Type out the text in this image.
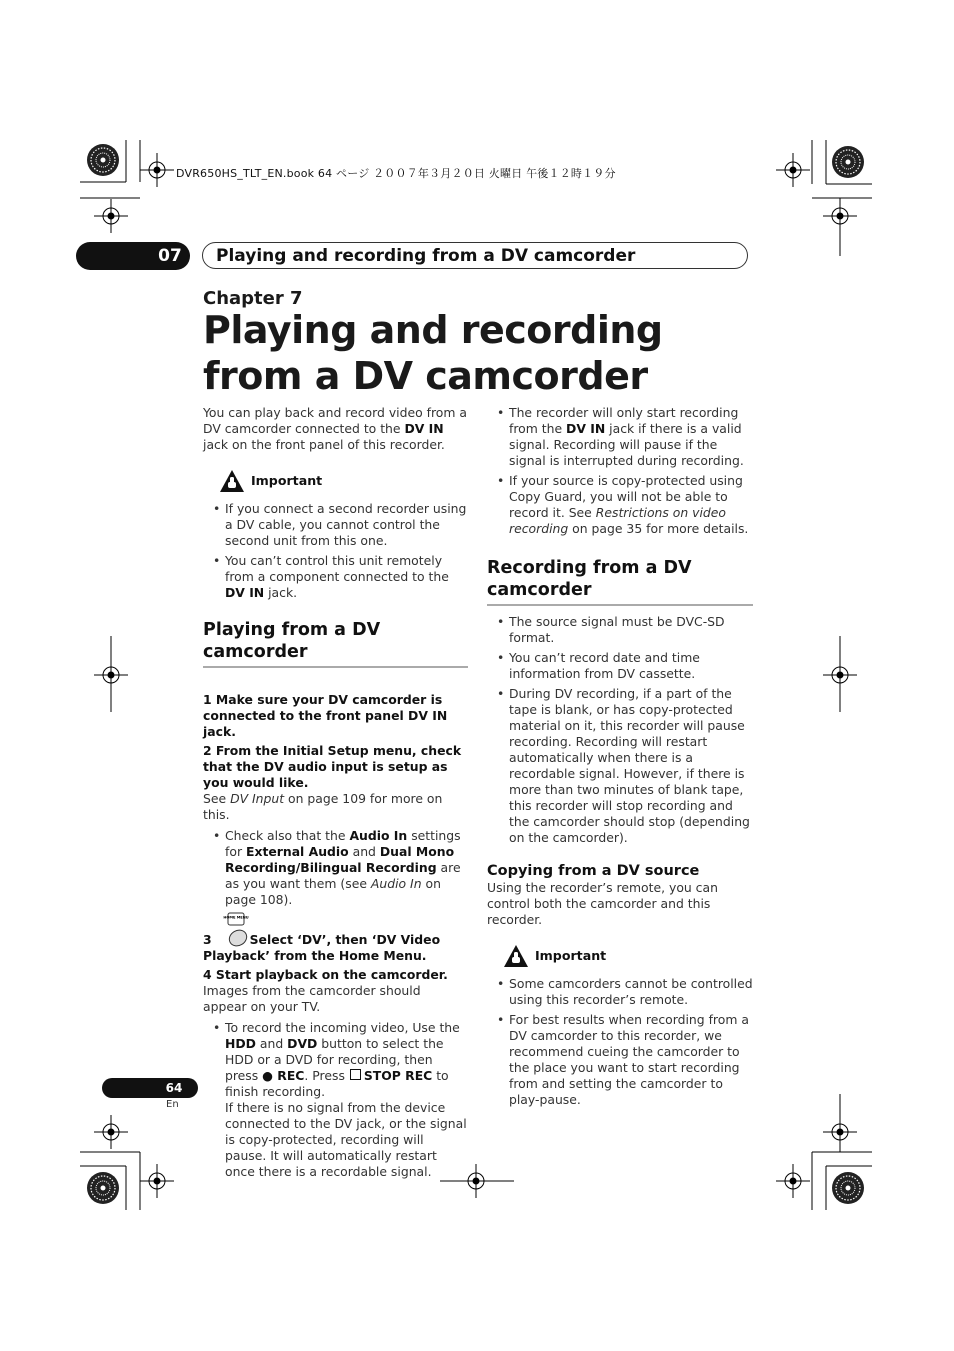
DVR650HS_TLT_EN.book 64 ページ ２００７年３月２０日 火曜日 午後１２時１９分
07	Playing and recording from a DV camcorder
Chapter 7
Playing and recording from a DV camcorder

You can play back and record video from a DV camcorder connected to the DV IN jack on the front panel of this recorder.

Important
• If you connect a second recorder using a DV cable, you cannot control the second unit from this one.
• You can’t control this unit remotely from a component connected to the DV IN jack.
Playing from a DV camcorder

1 Make sure your DV camcorder is connected to the front panel DV IN jack.

2 From the Initial Setup menu, check that the DV audio input is setup as you would like.

See DV Input on page 109 for more on this.

• Check also that the Audio In settings for External Audio and Dual Mono Recording/Bilingual Recording are as you want them (see Audio In on page 108).
HOME MENU

3	Select ‘DV’, then ‘DV Video Playback’ from the Home Menu.

4 Start playback on the camcorder.

Images from the camcorder should appear on your TV.

• To record the incoming video, Use the HDD and DVD button to select the HDD or a DVD for recording, then press ● REC. Press STOP REC to finish recording.
If there is no signal from the device connected to the DV jack, or the signal is copy-protected, recording will pause. It will automatically restart once there is a recordable signal.
• The recorder will only start recording from the DV IN jack if there is a valid signal. Recording will pause if the signal is interrupted during recording.
• If your source is copy-protected using Copy Guard, you will not be able to record it. See Restrictions on video recording on page 35 for more details.
Recording from a DV camcorder
• The source signal must be DVC-SD format.
• You can’t record date and time information from DV cassette.
• During DV recording, if a part of the tape is blank, or has copy-protected material on it, this recorder will pause recording. Recording will restart automatically when there is a recordable signal. However, if there is more than two minutes of blank tape, this recorder will stop recording and the camcorder should stop (depending on the camcorder).
Copying from a DV source

Using the recorder’s remote, you can control both the camcorder and this recorder.

Important
• Some camcorders cannot be controlled using this recorder’s remote.
• For best results when recording from a DV camcorder to this recorder, we recommend cueing the camcorder to the place you want to start recording from and setting the camcorder to play-pause.
64
En
